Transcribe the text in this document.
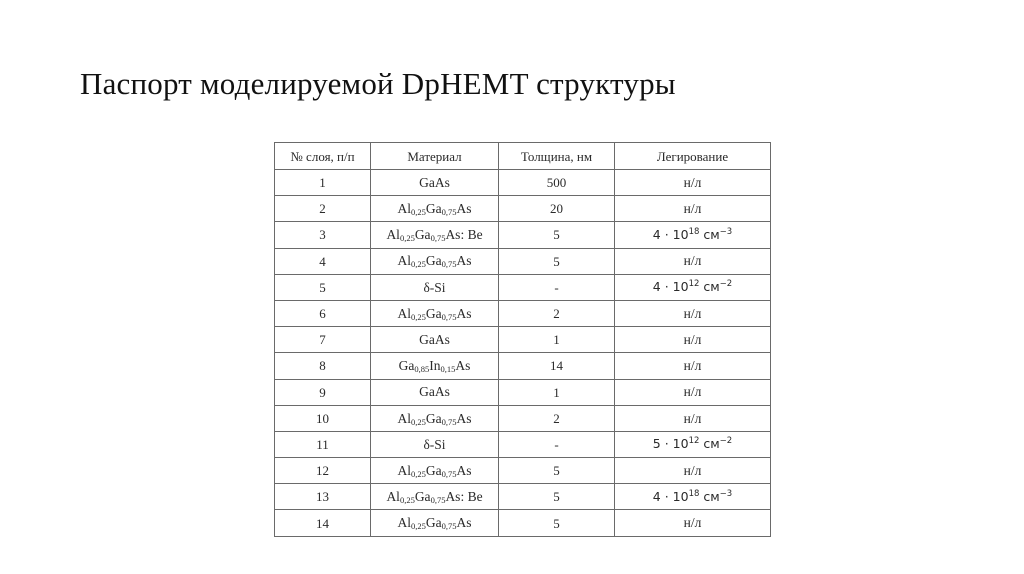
Паспорт моделируемой DpHEMT структуры
№ слоя, п/п	Материал	Толщина, нм	Легирование
1	GaAs	500	н/л
2	$Al_{0,25}Ga_{0,75}As$	20	н/л
3	$Al_{0,25}Ga_{0,75}As$: Be	5	$4 \cdot 10^{18}$ $см^{-3}$
4	$Al_{0,25}Ga_{0,75}As$	5	н/л
5	δ-Si	-	$4 \cdot 10^{12}$ $см^{-2}$
6	$Al_{0,25}Ga_{0,75}As$	2	н/л
7	GaAs	1	н/л
8	$Ga_{0,85}In_{0,15}As$	14	н/л
9	GaAs	1	н/л
10	$Al_{0,25}Ga_{0,75}As$	2	н/л
11	δ-Si	-	$5 \cdot 10^{12}$ $см^{-2}$
12	$Al_{0,25}Ga_{0,75}As$	5	н/л
13	$Al_{0,25}Ga_{0,75}As$: Be	5	$4 \cdot 10^{18}$ $см^{-3}$
14	$Al_{0,25}Ga_{0,75}As$	5	н/л
